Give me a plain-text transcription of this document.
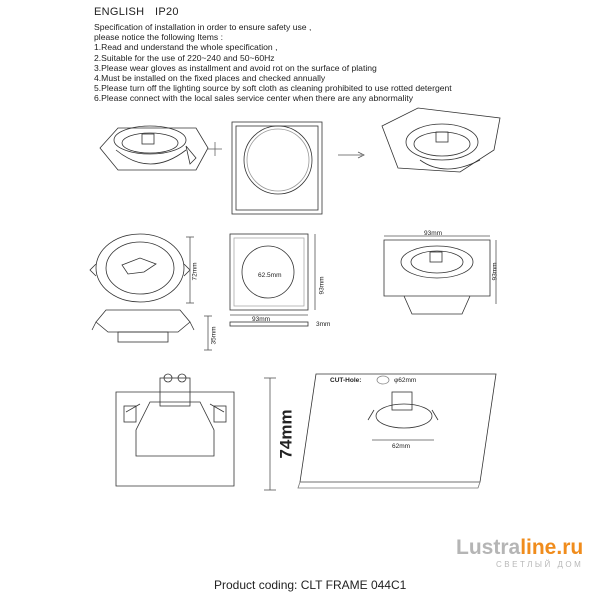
ENGLISH IP20
Specification of installation in order to ensure safety use ,
please notice the following Items :
1.Read and understand the whole specification ,
2.Suitable for the use of 220~240 and 50~60Hz
3.Please wear gloves as installment and avoid rot on the surface of plating
4.Must be installed on the fixed places and checked annually
5.Please turn off the lighting source by soft cloth as cleaning prohibited to use rotted detergent
6.Please connect with the local sales service center when there are any abnormality
62.5mm
93mm
93mm
72mm
35mm
3mm
93mm
93mm
74mm
CUT-Hole:	φ62mm
62mm
Lustraline.ru
СВЕТЛЫЙ ДОМ
Product coding: CLT FRAME 044C1
